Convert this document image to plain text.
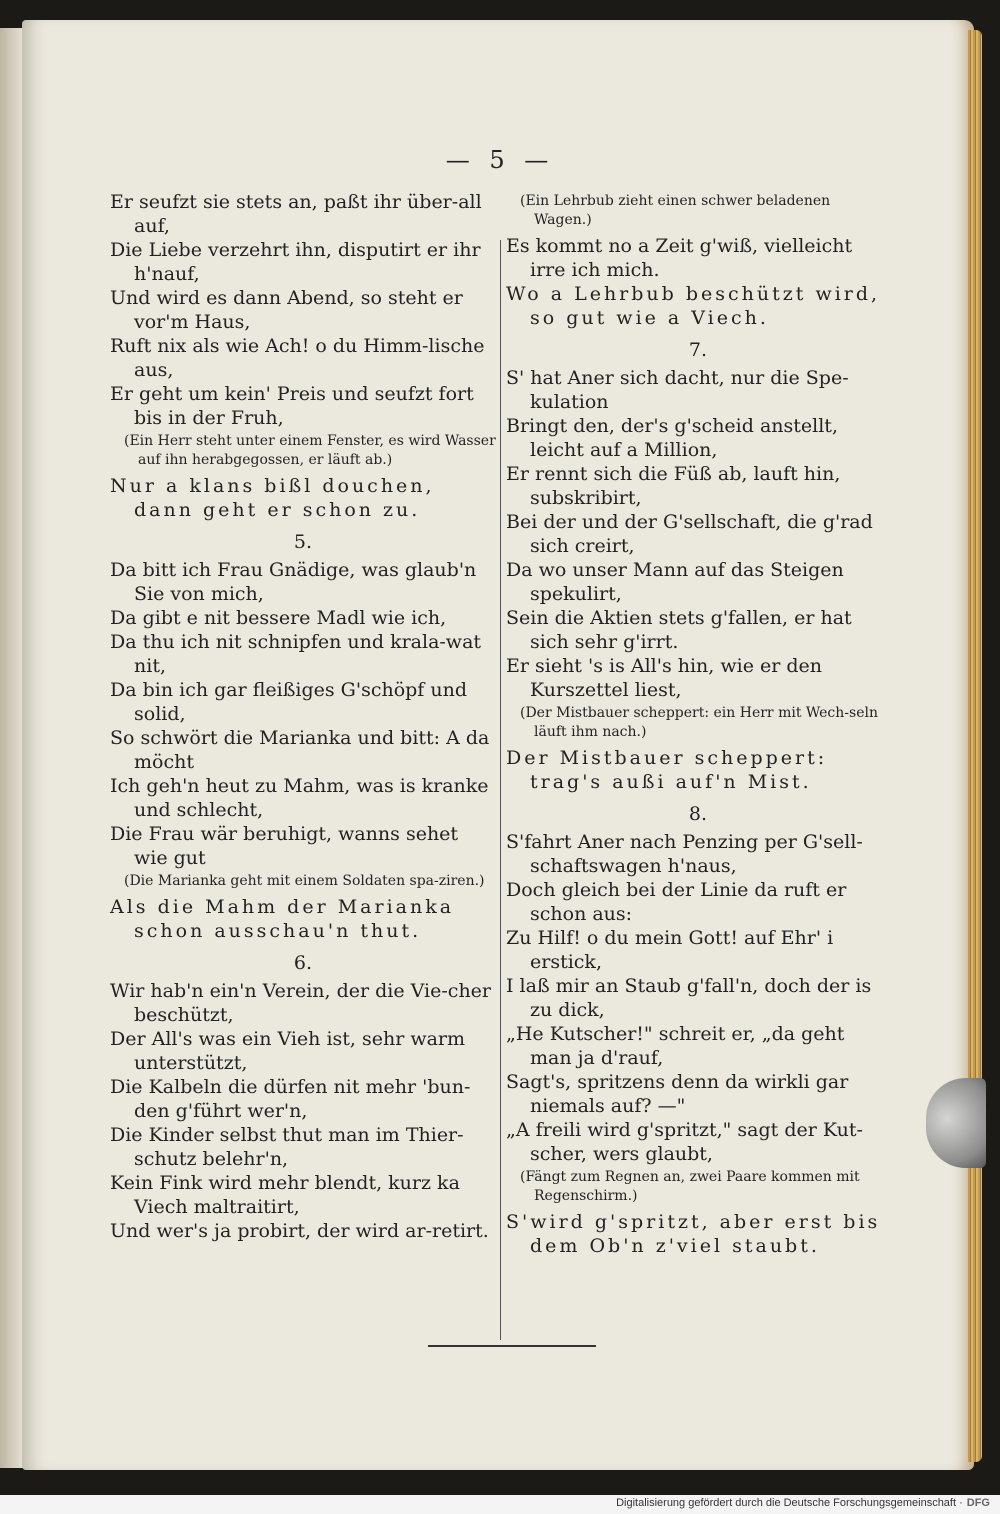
— 5 —

Er seufzt sie stets an, paßt ihr über-all auf,

Die Liebe verzehrt ihn, disputirt er ihr h'nauf,

Und wird es dann Abend, so steht er vor'm Haus,

Ruft nix als wie Ach! o du Himm-lische aus,

Er geht um kein' Preis und seufzt fort bis in der Fruh,

(Ein Herr steht unter einem Fenster, es wird Wasser auf ihn herabgegossen, er läuft ab.)

Nur a klans bißl douchen, dann geht er schon zu.

5.

Da bitt ich Frau Gnädige, was glaub'n Sie von mich,

Da gibt e nit bessere Madl wie ich,

Da thu ich nit schnipfen und krala-wat nit,

Da bin ich gar fleißiges G'schöpf und solid,

So schwört die Marianka und bitt: A da möcht

Ich geh'n heut zu Mahm, was is kranke und schlecht,

Die Frau wär beruhigt, wanns sehet wie gut

(Die Marianka geht mit einem Soldaten spa-ziren.)

Als die Mahm der Marianka schon ausschau'n thut.

6.

Wir hab'n ein'n Verein, der die Vie-cher beschützt,

Der All's was ein Vieh ist, sehr warm unterstützt,

Die Kalbeln die dürfen nit mehr 'bun-den g'führt wer'n,

Die Kinder selbst thut man im Thier-schutz belehr'n,

Kein Fink wird mehr blendt, kurz ka Viech maltraitirt,

Und wer's ja probirt, der wird ar-retirt.

(Ein Lehrbub zieht einen schwer beladenen Wagen.)

Es kommt no a Zeit g'wiß, vielleicht irre ich mich.

Wo a Lehrbub beschützt wird, so gut wie a Viech.

7.

S' hat Aner sich dacht, nur die Spe-kulation

Bringt den, der's g'scheid anstellt, leicht auf a Million,

Er rennt sich die Füß ab, lauft hin, subskribirt,

Bei der und der G'sellschaft, die g'rad sich creirt,

Da wo unser Mann auf das Steigen spekulirt,

Sein die Aktien stets g'fallen, er hat sich sehr g'irrt.

Er sieht 's is All's hin, wie er den Kurszettel liest,

(Der Mistbauer scheppert: ein Herr mit Wech-seln läuft ihm nach.)

Der Mistbauer scheppert: trag's außi auf'n Mist.

8.

S'fahrt Aner nach Penzing per G'sell-schaftswagen h'naus,

Doch gleich bei der Linie da ruft er schon aus:

Zu Hilf! o du mein Gott! auf Ehr' i erstick,

I laß mir an Staub g'fall'n, doch der is zu dick,

„He Kutscher!" schreit er, „da geht man ja d'rauf,

Sagt's, spritzens denn da wirkli gar niemals auf? —"

„A freili wird g'spritzt," sagt der Kut-scher, wers glaubt,

(Fängt zum Regnen an, zwei Paare kommen mit Regenschirm.)

S'wird g'spritzt, aber erst bis dem Ob'n z'viel staubt.

Digitalisierung gefördert durch die Deutsche Forschungsgemeinschaft · DFG
